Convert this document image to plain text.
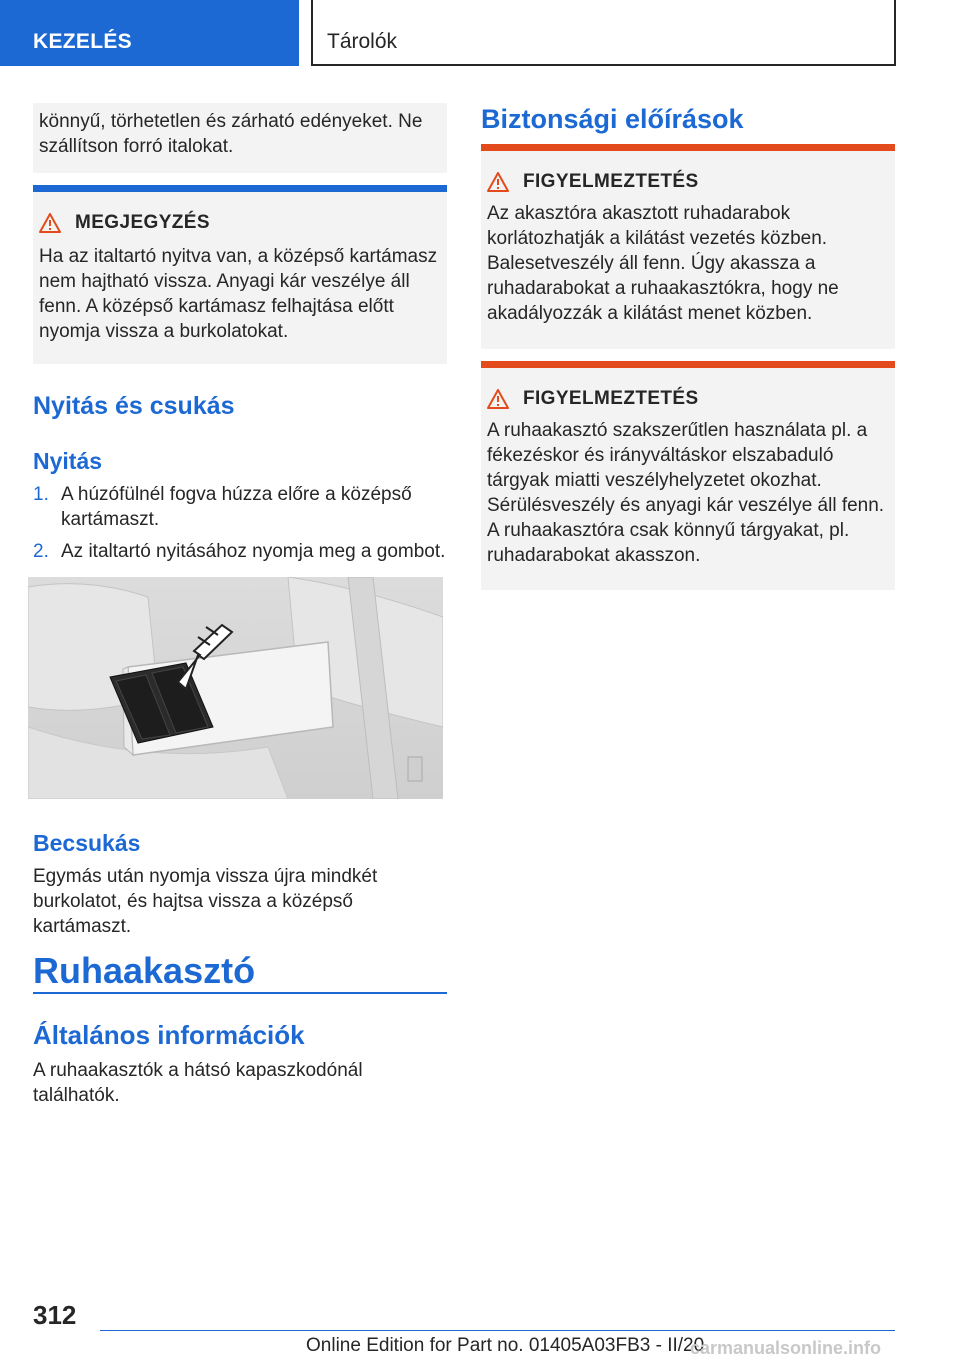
KEZELÉS	Tárolók

könnyű, törhetetlen és zárható edényeket. Ne szállítson forró italokat.

MEGJEGYZÉS

Ha az italtartó nyitva van, a középső kartámasz nem hajtható vissza. Anyagi kár veszélye áll fenn. A középső kartámasz felhajtása előtt nyomja vissza a burkolatokat.

Nyitás és csukás
Nyitás
1. A húzófülnél fogva húzza előre a középső kartámaszt.
2. Az italtartó nyitásához nyomja meg a gombot.
Becsukás

Egymás után nyomja vissza újra mindkét burkolatot, és hajtsa vissza a középső kartámaszt.

Ruhaakasztó
Általános információk

A ruhaakasztók a hátsó kapaszkodónál találhatók.

Biztonsági előírások
FIGYELMEZTETÉS

Az akasztóra akasztott ruhadarabok korlátozhatják a kilátást vezetés közben. Balesetveszély áll fenn. Úgy akassza a ruhadarabokat a ruhaakasztókra, hogy ne akadályozzák a kilátást menet közben.

FIGYELMEZTETÉS

A ruhaakasztó szakszerűtlen használata pl. a fékezéskor és irányváltáskor elszabaduló tárgyak miatti veszélyhelyzetet okozhat. Sérülésveszély és anyagi kár veszélye áll fenn. A ruhaakasztóra csak könnyű tárgyakat, pl. ruhadarabokat akasszon.

312
Online Edition for Part no. 01405A03FB3 - II/20
carmanualsonline.info
